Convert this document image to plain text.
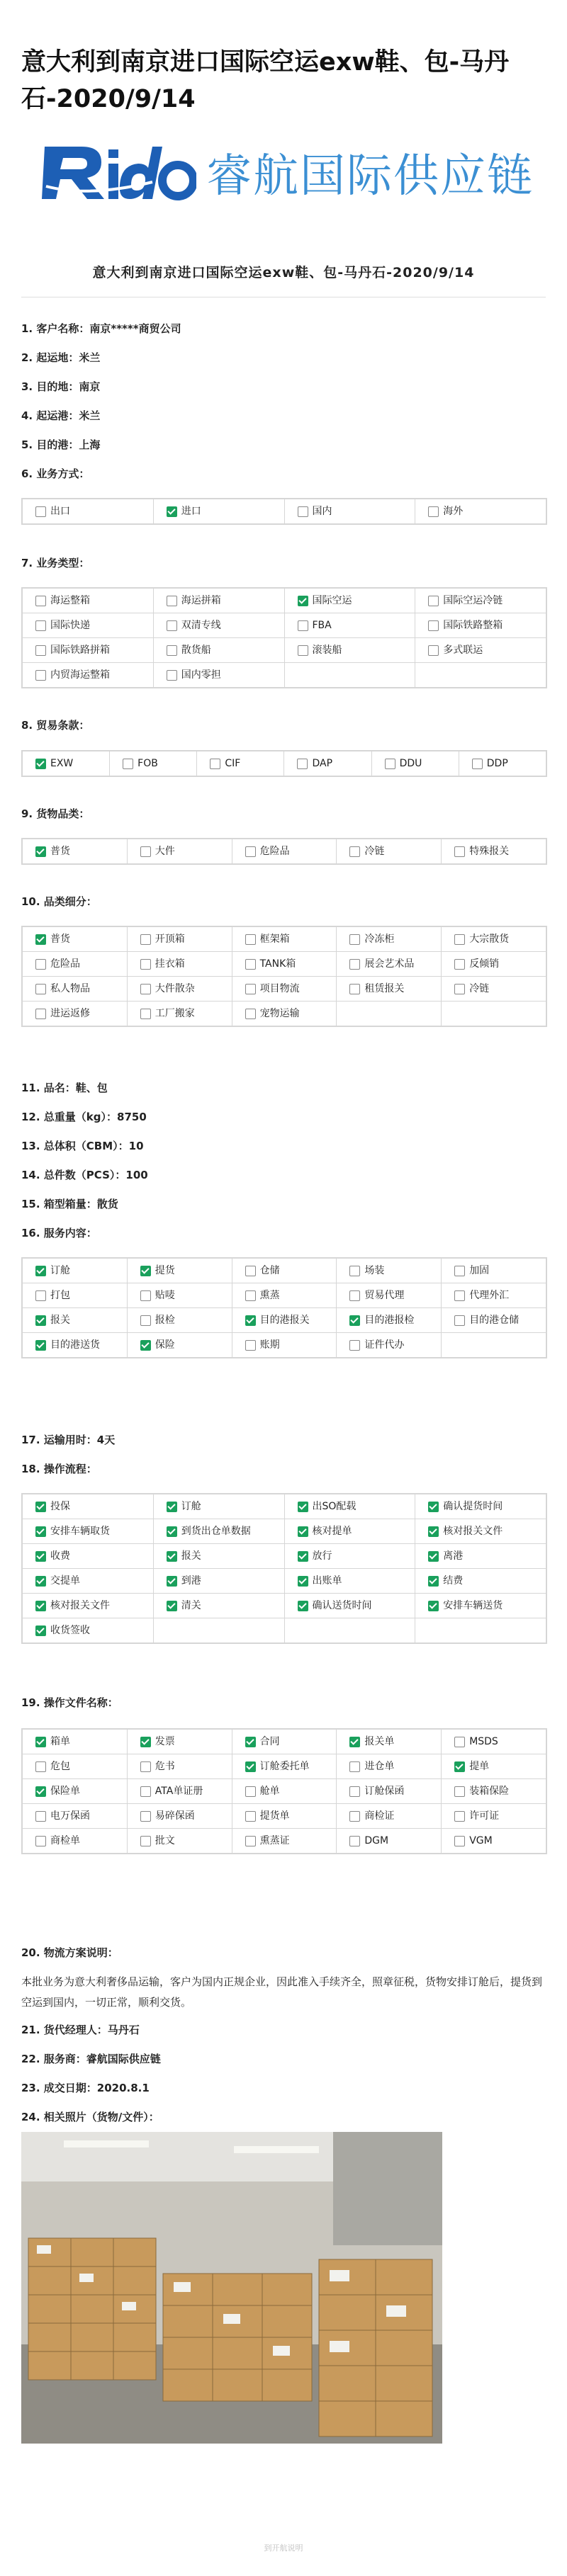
意大利到南京进口国际空运exw鞋、包-马丹石-2020/9/14
睿航国际供应链
意大利到南京进口国际空运exw鞋、包-马丹石-2020/9/14
1. 客户名称：南京*****商贸公司
2. 起运地：米兰
3. 目的地：南京
4. 起运港：米兰
5. 目的港：上海
6. 业务方式：
出口	进口	国内	海外
7. 业务类型：
海运整箱	海运拼箱	国际空运	国际空运冷链

国际快递	双清专线	FBA	国际铁路整箱

国际铁路拼箱	散货船	滚装船	多式联运

内贸海运整箱	国内零担		

8. 贸易条款：
EXW	FOB	CIF	DAP	DDU	DDP
9. 货物品类：
普货	大件	危险品	冷链	特殊报关
10. 品类细分：
普货	开顶箱	框架箱	冷冻柜	大宗散货

危险品	挂衣箱	TANK箱	展会艺术品	反倾销

私人物品	大件散杂	项目物流	租赁报关	冷链

进运返修	工厂搬家	宠物运输		

11. 品名：鞋、包
12. 总重量（kg）：8750
13. 总体积（CBM）：10
14. 总件数（PCS）：100
15. 箱型箱量：散货
16. 服务内容：
订舱	提货	仓储	场装	加固

打包	贴唛	熏蒸	贸易代理	代理外汇

报关	报检	目的港报关	目的港报检	目的港仓储

目的港送货	保险	账期	证件代办	

17. 运输用时：4天
18. 操作流程：
投保	订舱	出SO配载	确认提货时间

安排车辆取货	到货出仓单数据	核对提单	核对报关文件

收费	报关	放行	离港

交提单	到港	出账单	结费

核对报关文件	清关	确认送货时间	安排车辆送货

收货签收			

19. 操作文件名称：
箱单	发票	合同	报关单	MSDS

危包	危书	订舱委托单	进仓单	提单

保险单	ATA单证册	舱单	订舱保函	装箱保险

电万保函	易碎保函	提货单	商检证	许可证

商检单	批文	熏蒸证	DGM	VGM
20. 物流方案说明：
本批业务为意大利奢侈品运输，客户为国内正规企业，因此准入手续齐全，照章征税，货物安排订舱后，提货到空运到国内，一切正常，顺利交货。
21. 货代经理人：马丹石
22. 服务商：睿航国际供应链
23. 成交日期：2020.8.1
24. 相关照片（货物/文件）：
到开航说明
